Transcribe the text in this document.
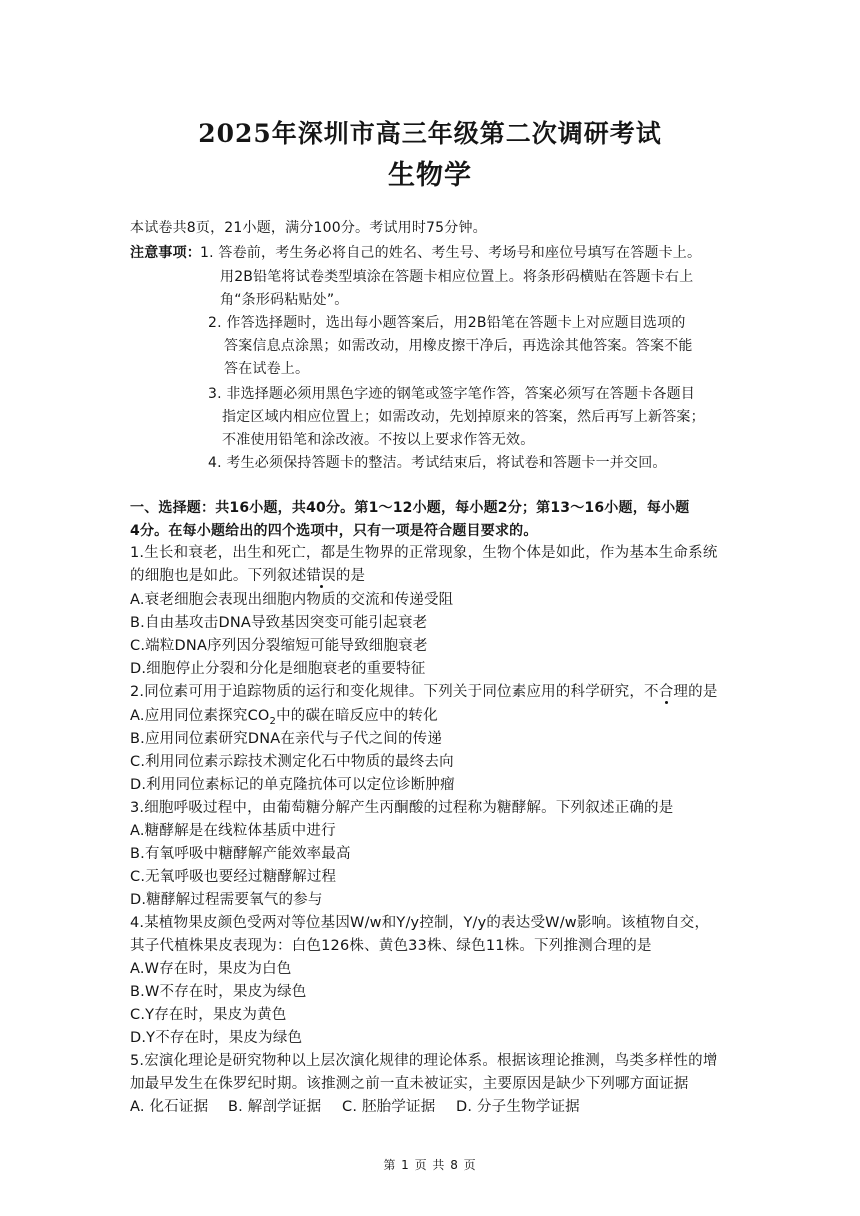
2025年深圳市高三年级第二次调研考试
生物学
本试卷共8页，21小题，满分100分。考试用时75分钟。
注意事项： 1. 答卷前，考生务必将自己的姓名、考生号、考场号和座位号填写在答题卡上。
用2B铅笔将试卷类型填涂在答题卡相应位置上。将条形码横贴在答题卡右上
角“条形码粘贴处”。
2. 作答选择题时，选出每小题答案后，用2B铅笔在答题卡上对应题目选项的
答案信息点涂黑；如需改动，用橡皮擦干净后，再选涂其他答案。答案不能
答在试卷上。
3. 非选择题必须用黑色字迹的钢笔或签字笔作答，答案必须写在答题卡各题目
指定区域内相应位置上；如需改动，先划掉原来的答案，然后再写上新答案；
不准使用铅笔和涂改液。不按以上要求作答无效。
4. 考生必须保持答题卡的整洁。考试结束后，将试卷和答题卡一并交回。
一、选择题：共16小题，共40分。第1～12小题，每小题2分；第13～16小题，每小题
4分。在每小题给出的四个选项中，只有一项是符合题目要求的。
1.生长和衰老，出生和死亡，都是生物界的正常现象，生物个体是如此，作为基本生命系统
的细胞也是如此。下列叙述错误的是
A.衰老细胞会表现出细胞内物质的交流和传递受阻
B.自由基攻击DNA导致基因突变可能引起衰老
C.端粒DNA序列因分裂缩短可能导致细胞衰老
D.细胞停止分裂和分化是细胞衰老的重要特征
2.同位素可用于追踪物质的运行和变化规律。下列关于同位素应用的科学研究，不合理的是
A.应用同位素探究$CO_2$中的碳在暗反应中的转化
B.应用同位素研究DNA在亲代与子代之间的传递
C.利用同位素示踪技术测定化石中物质的最终去向
D.利用同位素标记的单克隆抗体可以定位诊断肿瘤
3.细胞呼吸过程中，由葡萄糖分解产生丙酮酸的过程称为糖酵解。下列叙述正确的是
A.糖酵解是在线粒体基质中进行
B.有氧呼吸中糖酵解产能效率最高
C.无氧呼吸也要经过糖酵解过程
D.糖酵解过程需要氧气的参与
4.某植物果皮颜色受两对等位基因W/w和Y/y控制，Y/y的表达受W/w影响。该植物自交，
其子代植株果皮表现为：白色126株、黄色33株、绿色11株。下列推测合理的是
A.W存在时，果皮为白色
B.W不存在时，果皮为绿色
C.Y存在时，果皮为黄色
D.Y不存在时，果皮为绿色
5.宏演化理论是研究物种以上层次演化规律的理论体系。根据该理论推测，鸟类多样性的增
加最早发生在侏罗纪时期。该推测之前一直未被证实，主要原因是缺少下列哪方面证据
A. 化石证据 B. 解剖学证据 C. 胚胎学证据 D. 分子生物学证据
第 1 页 共 8 页
